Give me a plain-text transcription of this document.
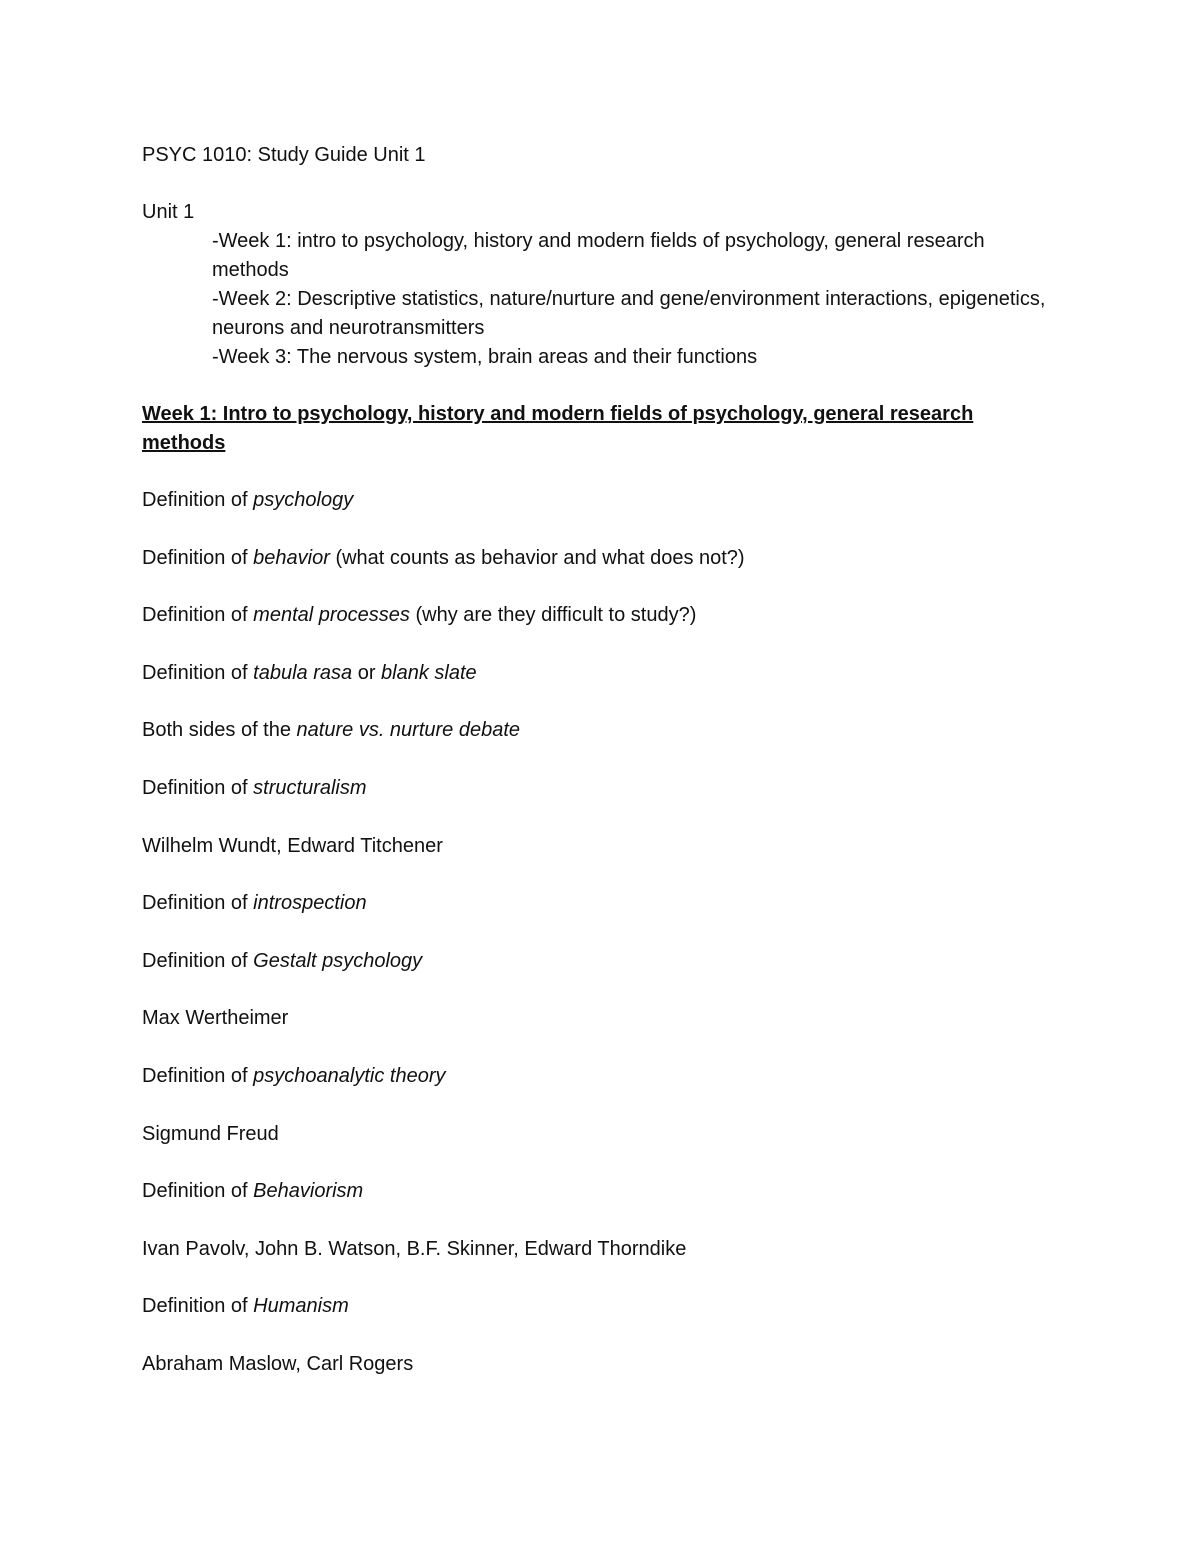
PSYC 1010: Study Guide Unit 1
Unit 1
-Week 1: intro to psychology, history and modern fields of psychology, general research methods
-Week 2: Descriptive statistics, nature/nurture and gene/environment interactions, epigenetics, neurons and neurotransmitters
-Week 3: The nervous system, brain areas and their functions
Week 1: Intro to psychology, history and modern fields of psychology, general research methods
Definition of psychology
Definition of behavior (what counts as behavior and what does not?)
Definition of mental processes (why are they difficult to study?)
Definition of tabula rasa or blank slate
Both sides of the nature vs. nurture debate
Definition of structuralism
Wilhelm Wundt, Edward Titchener
Definition of introspection
Definition of Gestalt psychology
Max Wertheimer
Definition of psychoanalytic theory
Sigmund Freud
Definition of Behaviorism
Ivan Pavolv, John B. Watson, B.F. Skinner, Edward Thorndike
Definition of Humanism
Abraham Maslow, Carl Rogers
